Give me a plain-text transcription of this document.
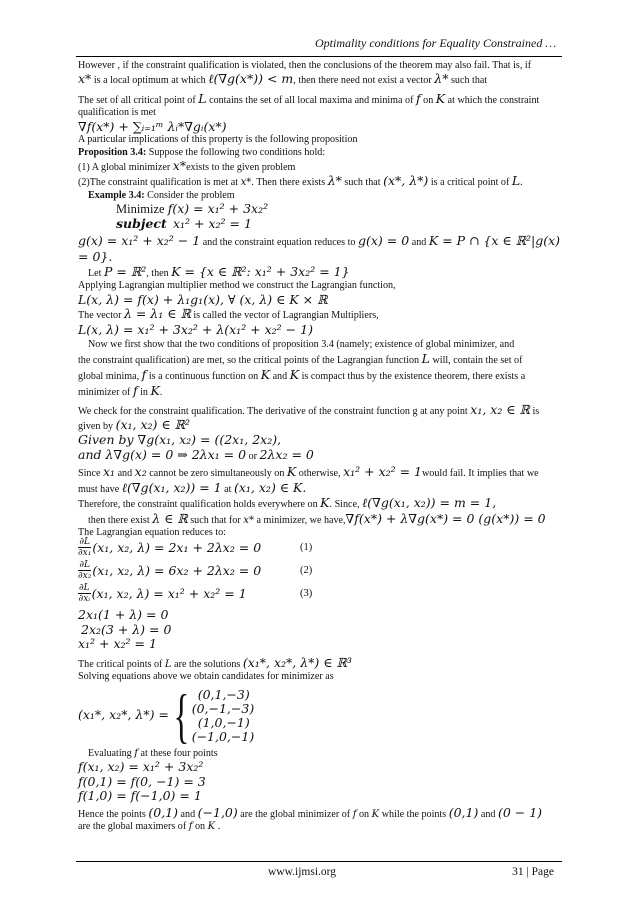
Optimality conditions for Equality Constrained …

However , if the constraint qualification is violated, then the conclusions of the theorem may also fail. That is, if

x* is a local optimum at which ℓ(∇g(x*)) < m, then there need not exist a vector λ* such that

The set of all critical point of L contains the set of all local maxima and minima of f on K at which the constraint qualification is met

∇f(x*) + ∑ᵢ₌₁ᵐ λᵢ*∇gᵢ(x*)

A particular implications of this property is the following proposition

Proposition 3.4: Suppose the following two conditions hold:

(1) A global minimizer x*exists to the given problem

(2)The constraint qualification is met at x*. Then there exists λ* such that (x*, λ*) is a critical point of L.

Example 3.4: Consider the problem

Minimize f(x) = x₁² + 3x₂²

subject x₁² + x₂² = 1

g(x) = x₁² + x₂² − 1 and the constraint equation reduces to g(x) = 0 and K = P ∩ {x ∈ ℝ²|g(x) = 0}.

Let P = ℝ², then K = {x ∈ ℝ²: x₁² + 3x₂² = 1}

Applying Lagrangian multiplier method we construct the Lagrangian function,

L(x, λ) = f(x) + λ₁g₁(x), ∀ (x, λ) ∈ K × ℝ

The vector λ = λ₁ ∈ ℝ is called the vector of Lagrangian Multipliers,

L(x, λ) = x₁² + 3x₂² + λ(x₁² + x₂² − 1)

Now we first show that the two conditions of proposition 3.4 (namely; existence of global minimizer, and

the constraint qualification) are met, so the critical points of the Lagrangian function L will, contain the set of

global minima, f is a continuous function on K and K is compact thus by the existence theorem, there exists a

minimizer of f in K.

We check for the constraint qualification. The derivative of the constraint function g at any point x₁, x₂ ∈ ℝ is

given by (x₁, x₂) ∈ ℝ²

Given by ∇g(x₁, x₂) = ((2x₁, 2x₂),

and λ∇g(x) = 0 ⇒ 2λx₁ = 0 or 2λx₂ = 0

Since x₁ and x₂ cannot be zero simultaneously on K otherwise, x₁² + x₂² = 1would fail. It implies that we

must have ℓ(∇g(x₁, x₂)) = 1 at (x₁, x₂) ∈ K.

Therefore, the constraint qualification holds everywhere on K. Since, ℓ(∇g(x₁, x₂)) = m = 1,

then there exist λ ∈ ℝ such that for x* a minimizer, we have,∇f(x*) + λ∇g(x*) = 0 (g(x*)) = 0

The Lagrangian equation reduces to:

$\frac{\partial L}{\text{∂x₁}} (x_1$, x₂, λ) = 2x₁ + 2λx₂ = 0	(1)
$\frac{\partial L}{\text{∂x₂}} (x_1$, x₂, λ) = 6x₂ + 2λx₂ = 0	(2)
$\frac{\partial L}{\text{∂xᵢ}} (x_1$, x₂, λ) = x₁² + x₂² = 1	(3)

2x₁(1 + λ) = 0

2x₂(3 + λ) = 0

x₁² + x₂² = 1

The critical points of L are the solutions (x₁*, x₂*, λ*) ∈ ℝ³

Solving equations above we obtain candidates for minimizer as

(x₁*, x₂*, λ*) = { (0,1,−3)
(0,−1,−3)
(1,0,−1)
(−1,0,−1)

Evaluating f at these four points

f(x₁, x₂) = x₁² + 3x₂²

f(0,1) = f(0, −1) = 3

f(1,0) = f(−1,0) = 1

Hence the points (0,1) and (−1,0) are the global minimizer of f on K while the points (0,1) and (0 − 1)

are the global maximers of f on K .

www.ijmsi.org	31 | Page
